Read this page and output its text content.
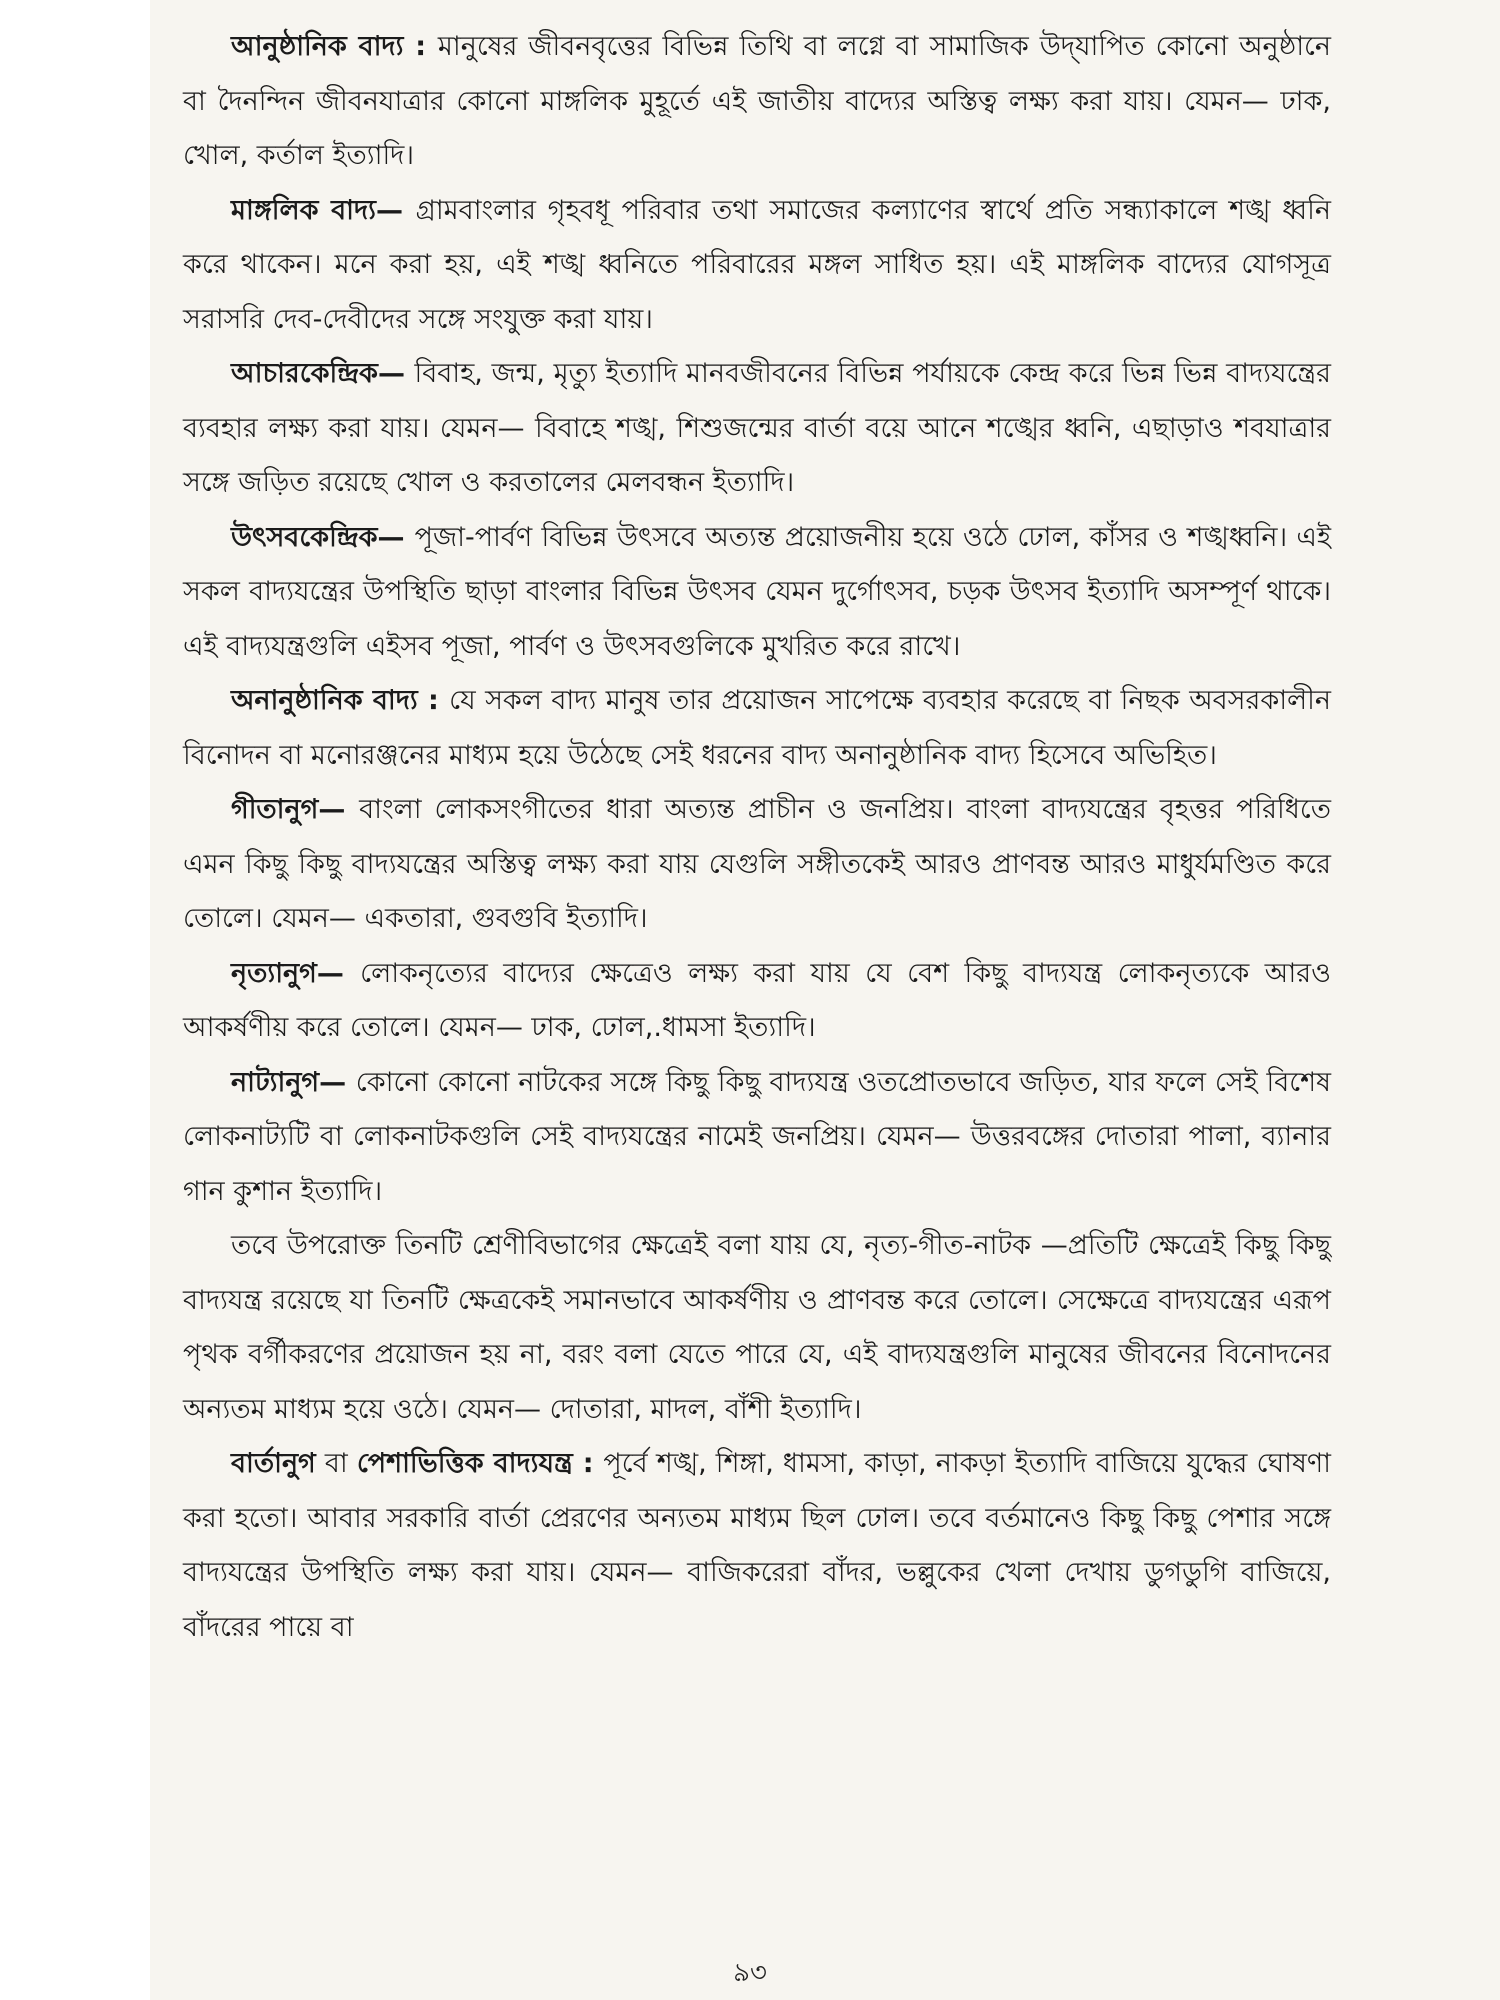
আনুষ্ঠানিক বাদ্য : মানুষের জীবনবৃত্তের বিভিন্ন তিথি বা লগ্নে বা সামাজিক উদ্‌যাপিত কোনো অনুষ্ঠানে বা দৈনন্দিন জীবনযাত্রার কোনো মাঙ্গলিক মুহূর্তে এই জাতীয় বাদ্যের অস্তিত্ব লক্ষ্য করা যায়। যেমন— ঢাক, খোল, কর্তাল ইত্যাদি।

মাঙ্গলিক বাদ্য— গ্রামবাংলার গৃহবধূ পরিবার তথা সমাজের কল্যাণের স্বার্থে প্রতি সন্ধ্যাকালে শঙ্খ ধ্বনি করে থাকেন। মনে করা হয়, এই শঙ্খ ধ্বনিতে পরিবারের মঙ্গল সাধিত হয়। এই মাঙ্গলিক বাদ্যের যোগসূত্র সরাসরি দেব-দেবীদের সঙ্গে সংযুক্ত করা যায়।

আচারকেন্দ্রিক— বিবাহ, জন্ম, মৃত্যু ইত্যাদি মানবজীবনের বিভিন্ন পর্যায়কে কেন্দ্র করে ভিন্ন ভিন্ন বাদ্যযন্ত্রের ব্যবহার লক্ষ্য করা যায়। যেমন— বিবাহে শঙ্খ, শিশুজন্মের বার্তা বয়ে আনে শঙ্খের ধ্বনি, এছাড়াও শবযাত্রার সঙ্গে জড়িত রয়েছে খোল ও করতালের মেলবন্ধন ইত্যাদি।

উৎসবকেন্দ্রিক— পূজা-পার্বণ বিভিন্ন উৎসবে অত্যন্ত প্রয়োজনীয় হয়ে ওঠে ঢোল, কাঁসর ও শঙ্খধ্বনি। এই সকল বাদ্যযন্ত্রের উপস্থিতি ছাড়া বাংলার বিভিন্ন উৎসব যেমন দুর্গোৎসব, চড়ক উৎসব ইত্যাদি অসম্পূর্ণ থাকে। এই বাদ্যযন্ত্রগুলি এইসব পূজা, পার্বণ ও উৎসবগুলিকে মুখরিত করে রাখে।

অনানুষ্ঠানিক বাদ্য : যে সকল বাদ্য মানুষ তার প্রয়োজন সাপেক্ষে ব্যবহার করেছে বা নিছক অবসরকালীন বিনোদন বা মনোরঞ্জনের মাধ্যম হয়ে উঠেছে সেই ধরনের বাদ্য অনানুষ্ঠানিক বাদ্য হিসেবে অভিহিত।

গীতানুগ— বাংলা লোকসংগীতের ধারা অত্যন্ত প্রাচীন ও জনপ্রিয়। বাংলা বাদ্যযন্ত্রের বৃহত্তর পরিধিতে এমন কিছু কিছু বাদ্যযন্ত্রের অস্তিত্ব লক্ষ্য করা যায় যেগুলি সঙ্গীতকেই আরও প্রাণবন্ত আরও মাধুর্যমণ্ডিত করে তোলে। যেমন— একতারা, গুবগুবি ইত্যাদি।

নৃত্যানুগ— লোকনৃত্যের বাদ্যের ক্ষেত্রেও লক্ষ্য করা যায় যে বেশ কিছু বাদ্যযন্ত্র লোকনৃত্যকে আরও আকর্ষণীয় করে তোলে। যেমন— ঢাক, ঢোল,.ধামসা ইত্যাদি।

নাট্যানুগ— কোনো কোনো নাটকের সঙ্গে কিছু কিছু বাদ্যযন্ত্র ওতপ্রোতভাবে জড়িত, যার ফলে সেই বিশেষ লোকনাট্যটি বা লোকনাটকগুলি সেই বাদ্যযন্ত্রের নামেই জনপ্রিয়। যেমন— উত্তরবঙ্গের দোতারা পালা, ব্যানার গান কুশান ইত্যাদি।

তবে উপরোক্ত তিনটি শ্রেণীবিভাগের ক্ষেত্রেই বলা যায় যে, নৃত্য-গীত-নাটক —প্রতিটি ক্ষেত্রেই কিছু কিছু বাদ্যযন্ত্র রয়েছে যা তিনটি ক্ষেত্রকেই সমানভাবে আকর্ষণীয় ও প্রাণবন্ত করে তোলে। সেক্ষেত্রে বাদ্যযন্ত্রের এরূপ পৃথক বর্গীকরণের প্রয়োজন হয় না, বরং বলা যেতে পারে যে, এই বাদ্যযন্ত্রগুলি মানুষের জীবনের বিনোদনের অন্যতম মাধ্যম হয়ে ওঠে। যেমন— দোতারা, মাদল, বাঁশী ইত্যাদি।

বার্তানুগ বা পেশাভিত্তিক বাদ্যযন্ত্র : পূর্বে শঙ্খ, শিঙ্গা, ধামসা, কাড়া, নাকড়া ইত্যাদি বাজিয়ে যুদ্ধের ঘোষণা করা হতো। আবার সরকারি বার্তা প্রেরণের অন্যতম মাধ্যম ছিল ঢোল। তবে বর্তমানেও কিছু কিছু পেশার সঙ্গে বাদ্যযন্ত্রের উপস্থিতি লক্ষ্য করা যায়। যেমন— বাজিকরেরা বাঁদর, ভল্লুকের খেলা দেখায় ডুগডুগি বাজিয়ে, বাঁদরের পায়ে বা

৯৩
